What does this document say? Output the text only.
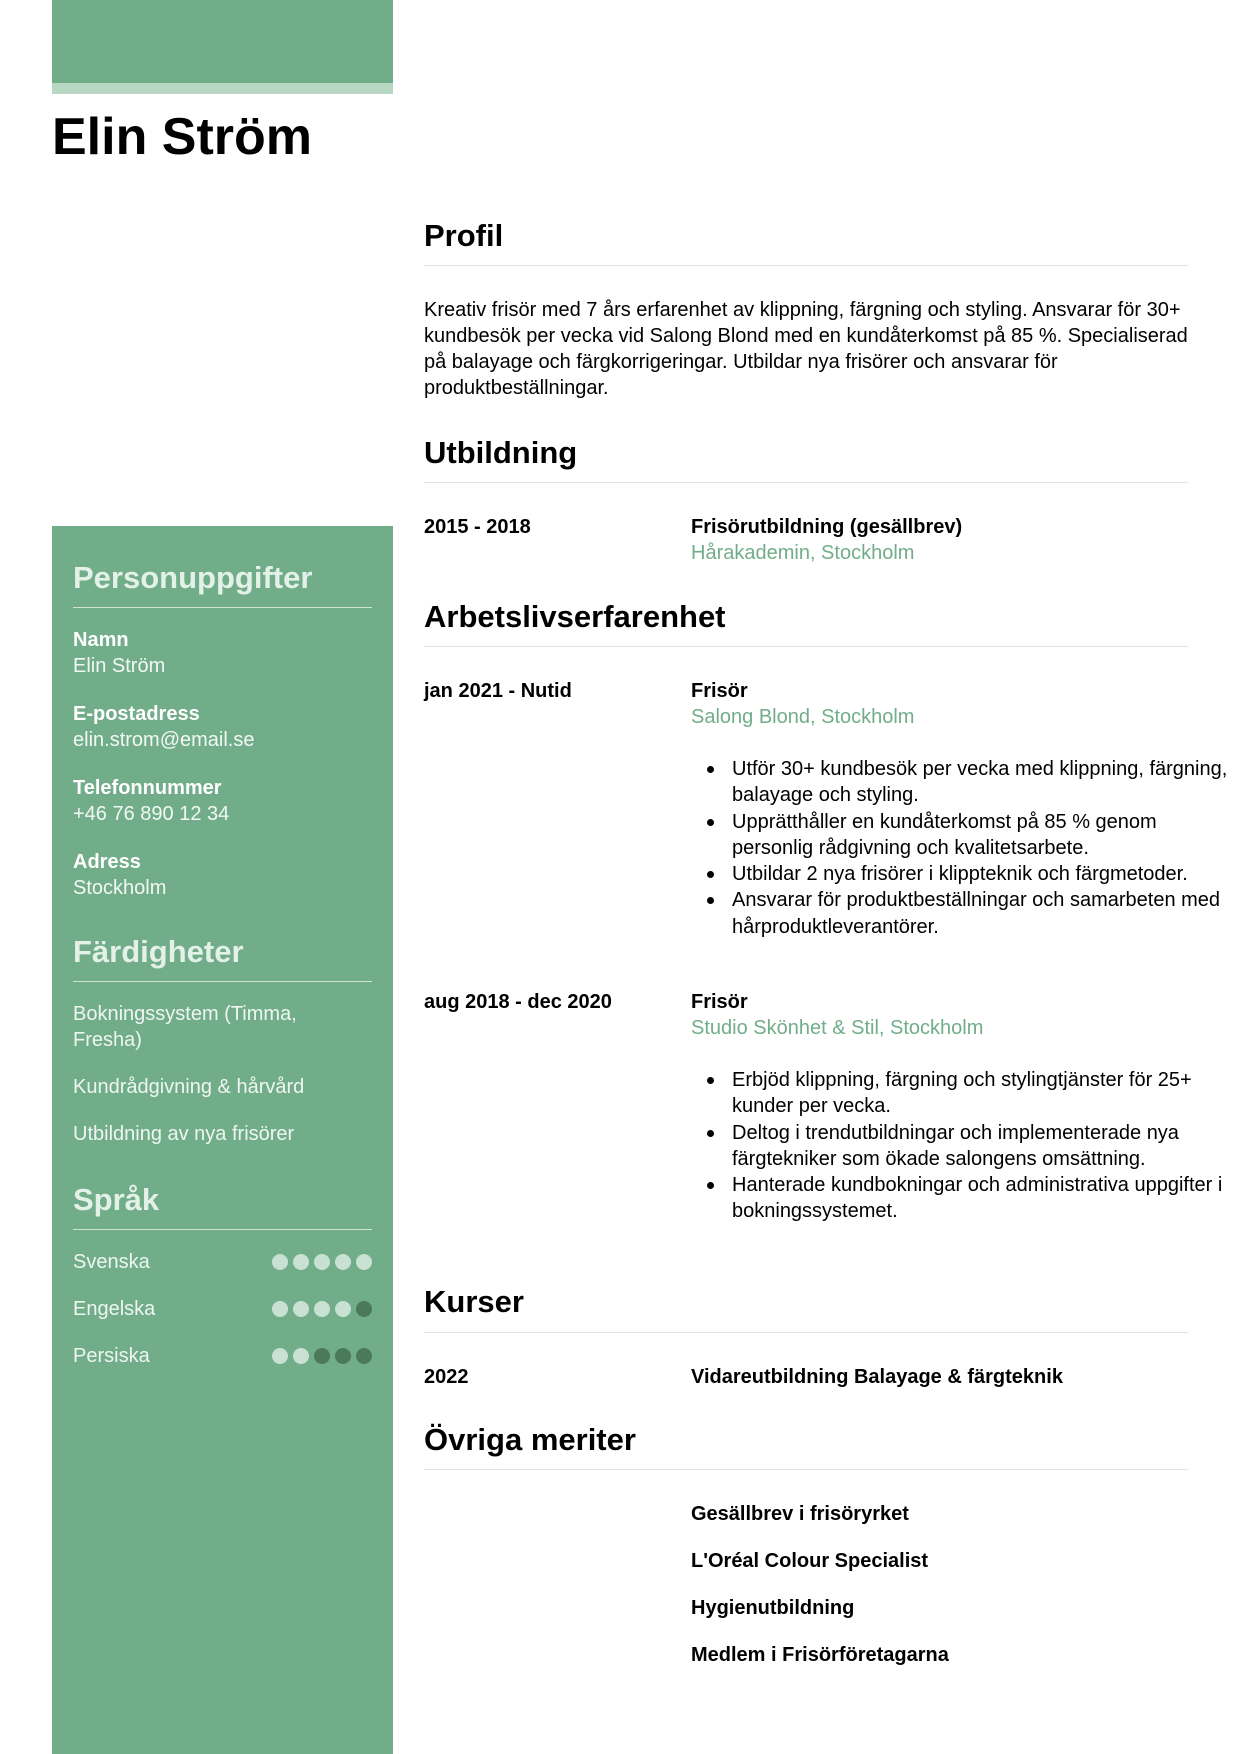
Elin Ström
Personuppgifter
Namn
Elin Ström
E-postadress
elin.strom@email.se
Telefonnummer
+46 76 890 12 34
Adress
Stockholm
Färdigheter
Bokningssystem (Timma, Fresha)
Kundrådgivning & hårvård
Utbildning av nya frisörer
Språk
Svenska
Engelska
Persiska
Profil

Kreativ frisör med 7 års erfarenhet av klippning, färgning och styling. Ansvarar för 30+ kundbesök per vecka vid Salong Blond med en kundåterkomst på 85 %. Specialiserad på balayage och färgkorrigeringar. Utbildar nya frisörer och ansvarar för produktbeställningar.

Utbildning
2015 - 2018	Frisörutbildning (gesällbrev)
Hårakademin, Stockholm
Arbetslivserfarenhet
jan 2021 - Nutid	Frisör
Salong Blond, Stockholm
Utför 30+ kundbesök per vecka med klippning, färgning, balayage och styling.
Upprätthåller en kundåterkomst på 85 % genom personlig rådgivning och kvalitetsarbete.
Utbildar 2 nya frisörer i klippteknik och färgmetoder.
Ansvarar för produktbeställningar och samarbeten med hårproduktleverantörer.
aug 2018 - dec 2020	Frisör
Studio Skönhet & Stil, Stockholm
Erbjöd klippning, färgning och stylingtjänster för 25+ kunder per vecka.
Deltog i trendutbildningar och implementerade nya färgtekniker som ökade salongens omsättning.
Hanterade kundbokningar och administrativa uppgifter i bokningssystemet.
Kurser
2022	Vidareutbildning Balayage & färgteknik
Övriga meriter
Gesällbrev i frisöryrket
L'Oréal Colour Specialist
Hygienutbildning
Medlem i Frisörföretagarna
